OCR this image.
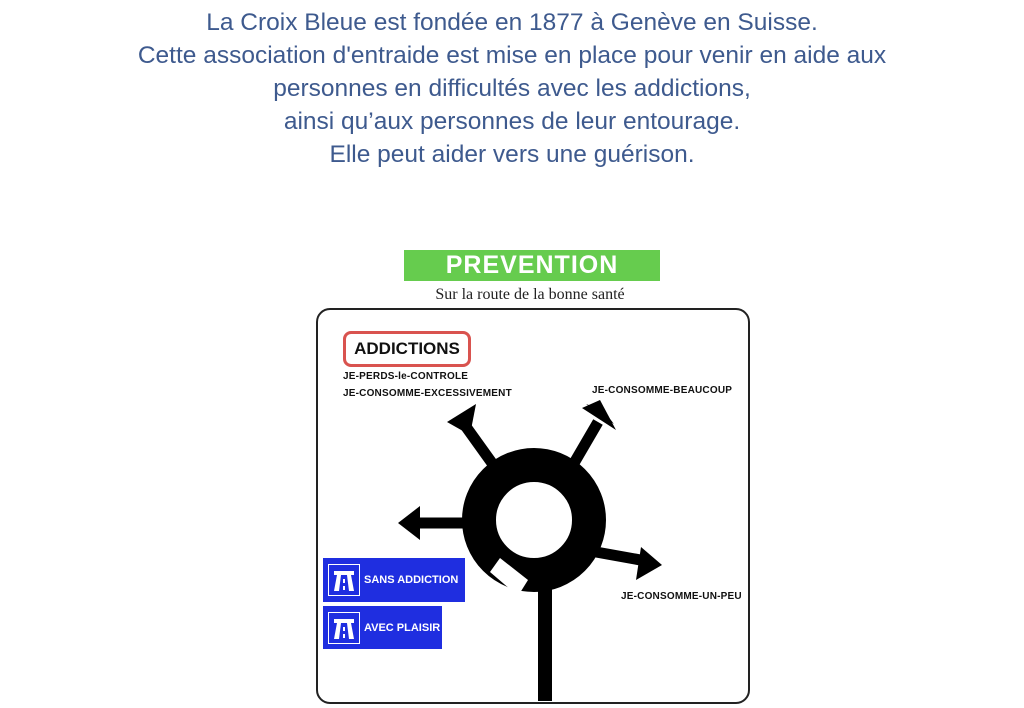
La Croix Bleue est fondée en 1877 à Genève en Suisse.
Cette association d'entraide est mise en place pour venir en aide aux
personnes en difficultés avec les addictions,
ainsi qu’aux personnes de leur entourage.
Elle peut aider vers une guérison.
PREVENTION
Sur la route de la bonne santé
ADDICTIONS
JE-PERDS-le-CONTROLE
JE-CONSOMME-EXCESSIVEMENT	JE-CONSOMME-BEAUCOUP
JE-CONSOMME-UN-PEU
SANS ADDICTION
AVEC PLAISIR
